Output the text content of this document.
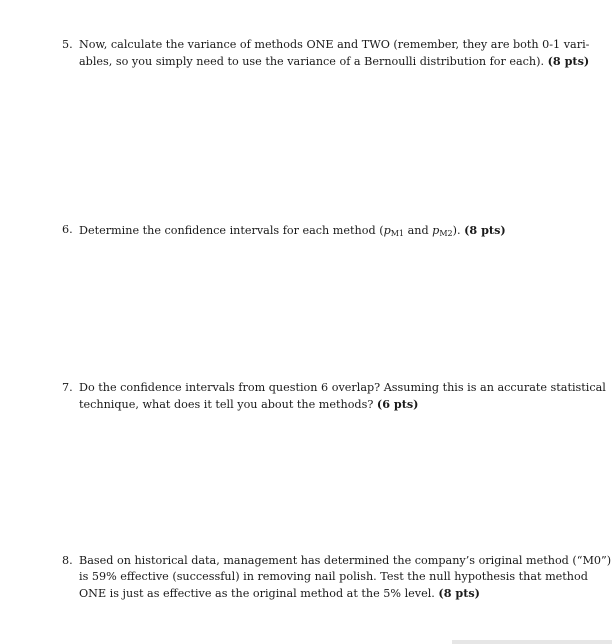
5. Now, calculate the variance of methods ONE and TWO (remember, they are both 0-1 vari-
ables, so you simply need to use the variance of a Bernoulli distribution for each). (8 pts)
6. Determine the confidence intervals for each method ($p_{M1}$ and $p_{M2}$). (8 pts)
7. Do the confidence intervals from question 6 overlap? Assuming this is an accurate statistical
technique, what does it tell you about the methods? (6 pts)
8. Based on historical data, management has determined the company’s original method (“M0”)
is 59% effective (successful) in removing nail polish. Test the null hypothesis that method
ONE is just as effective as the original method at the 5% level. (8 pts)
